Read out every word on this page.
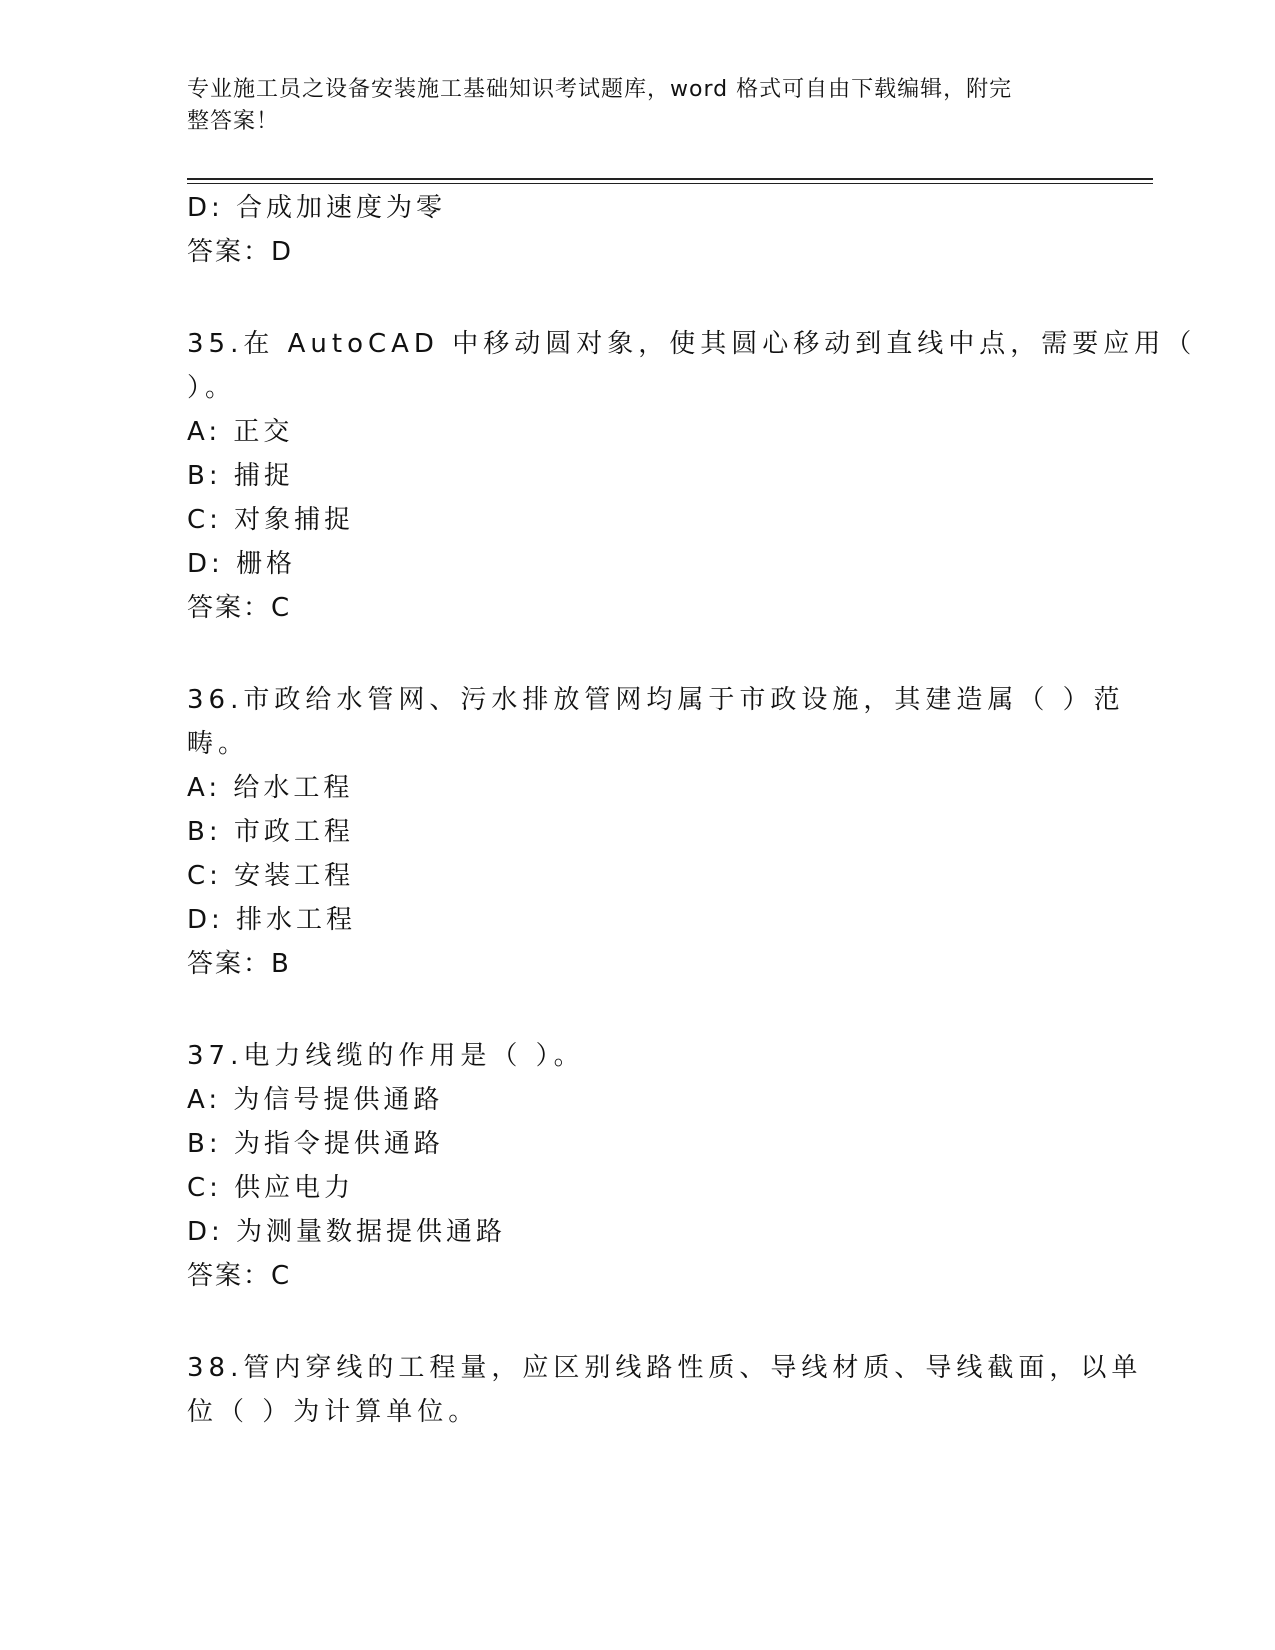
专业施工员之设备安装施工基础知识考试题库，word 格式可自由下载编辑，附完
整答案！
D: 合成加速度为零
答案：D
35.在 AutoCAD 中移动圆对象，使其圆心移动到直线中点，需要应用（
）。
A: 正交
B: 捕捉
C: 对象捕捉
D: 栅格
答案：C
36.市政给水管网、污水排放管网均属于市政设施，其建造属（ ）范
畴。
A: 给水工程
B: 市政工程
C: 安装工程
D: 排水工程
答案：B
37.电力线缆的作用是（ ）。
A: 为信号提供通路
B: 为指令提供通路
C: 供应电力
D: 为测量数据提供通路
答案：C
38.管内穿线的工程量，应区别线路性质、导线材质、导线截面，以单
位（ ）为计算单位。
